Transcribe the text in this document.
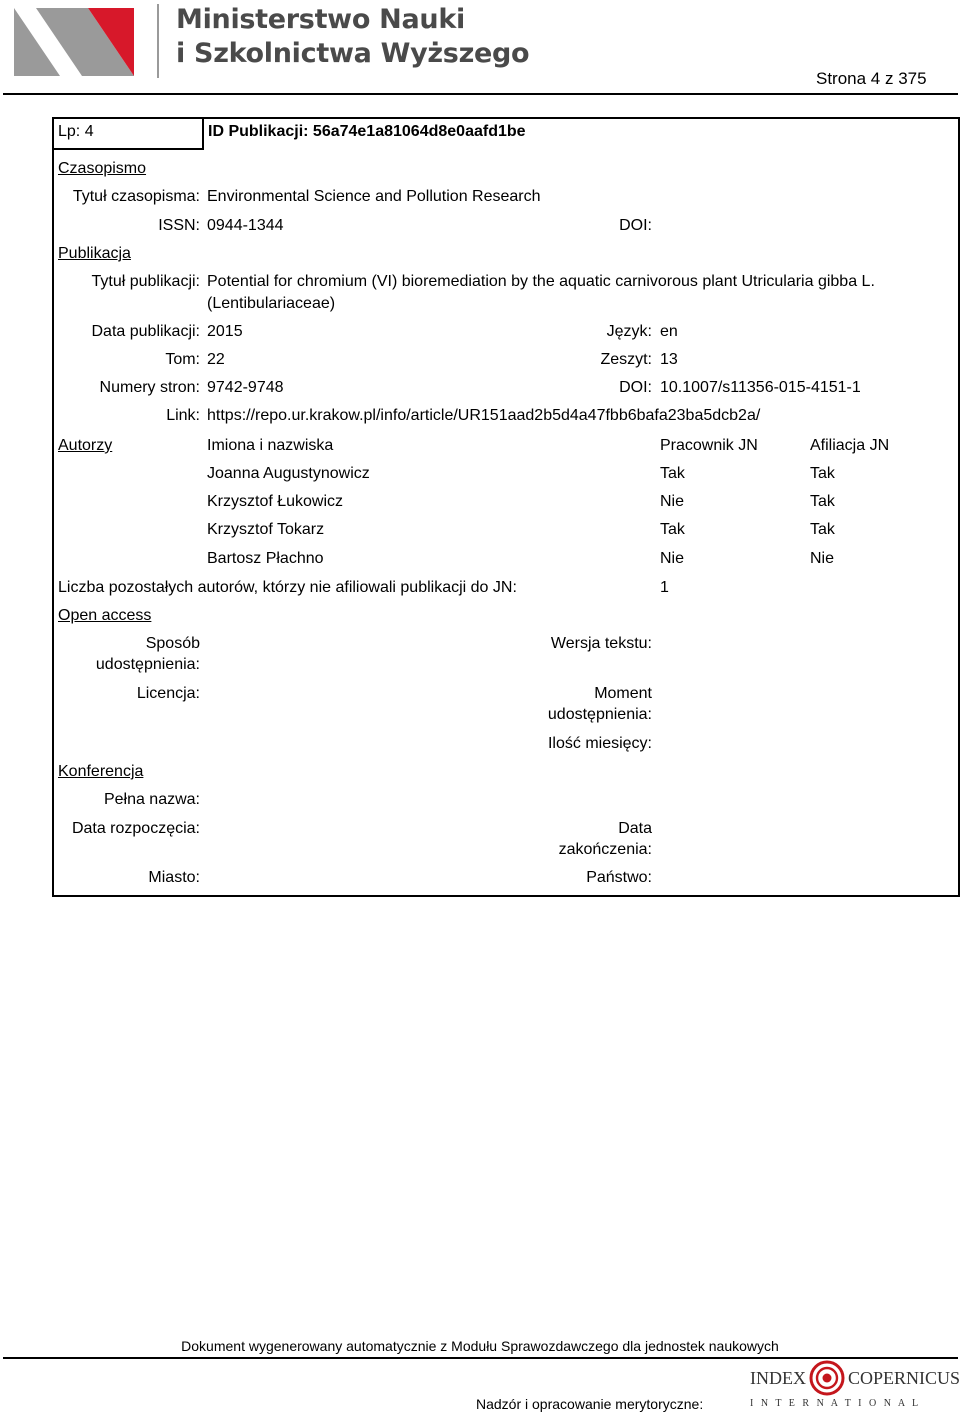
Ministerstwo Nauki
i Szkolnictwa Wyższego
Strona 4 z 375
Lp: 4	ID Publikacji: 56a74e1a81064d8e0aafd1be
Czasopismo
Tytuł czasopisma: Environmental Science and Pollution Research
ISSN: 0944-1344	DOI:
Publikacja
Tytuł publikacji: Potential for chromium (VI) bioremediation by the aquatic carnivorous plant Utricularia gibba L.
(Lentibulariaceae)
Data publikacji: 2015	Język: en
Tom: 22	Zeszyt: 13
Numery stron: 9742-9748	DOI: 10.1007/s11356-015-4151-1
Link: https://repo.ur.krakow.pl/info/article/UR151aad2b5d4a47fbb6bafa23ba5dcb2a/
Autorzy	Imiona i nazwiska	Pracownik JN	Afiliacja JN
Joanna Augustynowicz	Tak	Tak
Krzysztof Łukowicz	Nie	Tak
Krzysztof Tokarz	Tak	Tak
Bartosz Płachno	Nie	Nie
Liczba pozostałych autorów, którzy nie afiliowali publikacji do JN:	1
Open access
Sposób
udostępnienia:
Wersja tekstu:
Licencja:	Moment
udostępnienia:
Ilość miesięcy:
Konferencja
Pełna nazwa:
Data rozpoczęcia:	Data
zakończenia:
Miasto:	Państwo:
Dokument wygenerowany automatycznie z Modułu Sprawozdawczego dla jednostek naukowych
Nadzór i opracowanie merytoryczne:
INDEX COPERNICUS
I N T E R N A T I O N A L
